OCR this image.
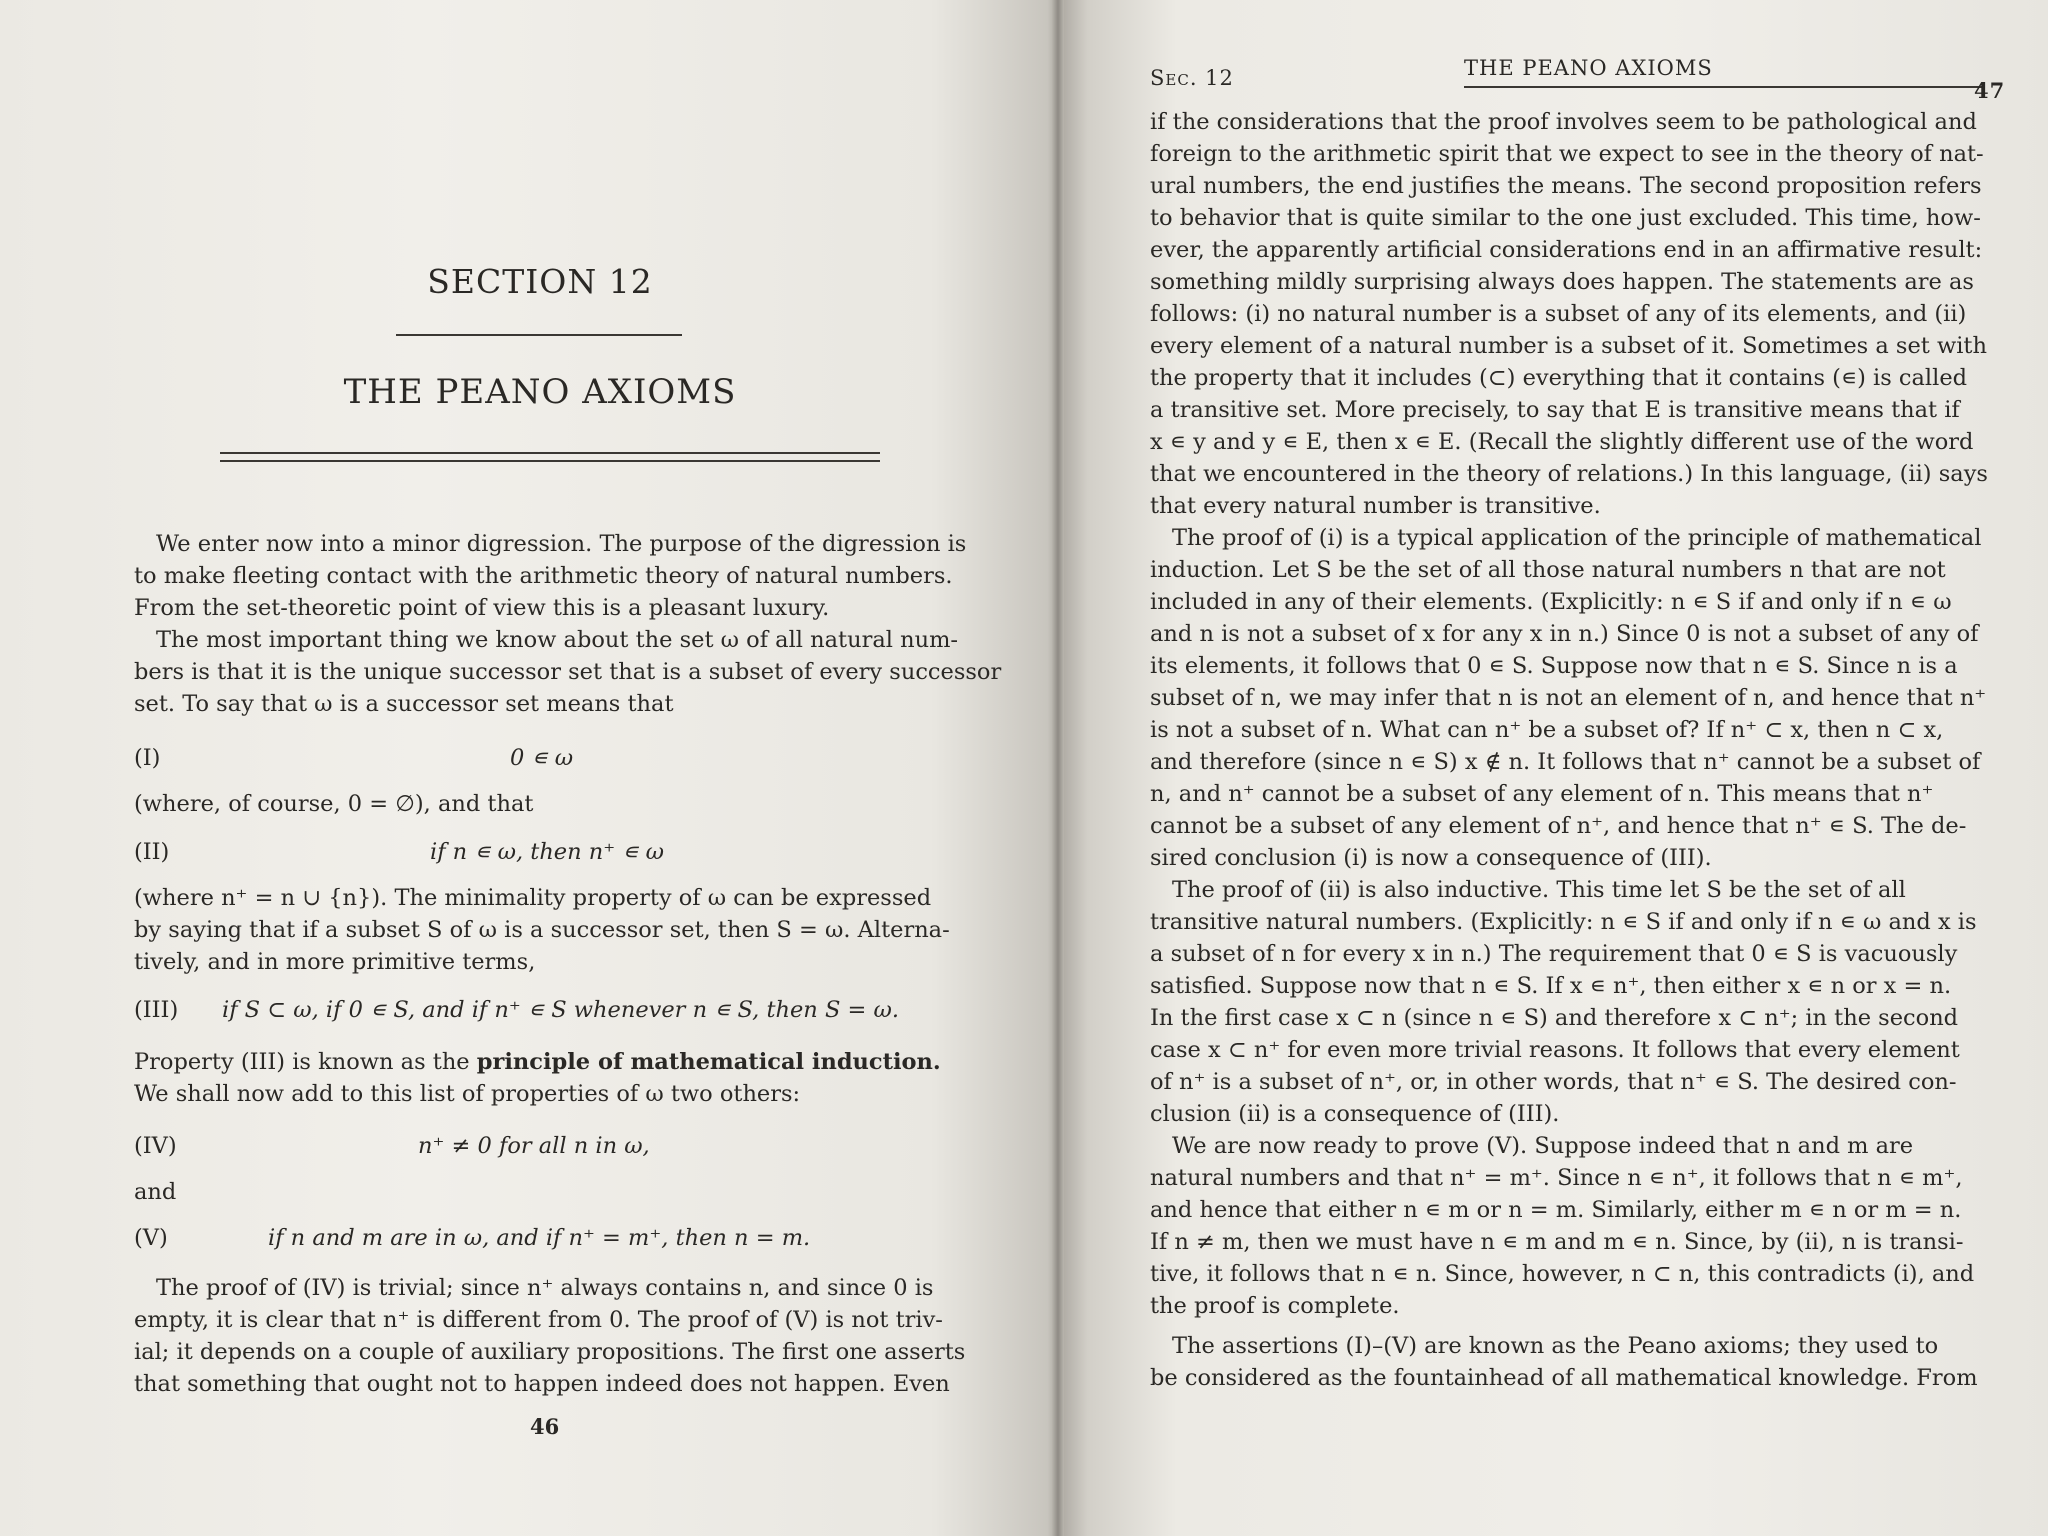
SECTION 12
THE PEANO AXIOMS
We enter now into a minor digression. The purpose of the digression is
to make fleeting contact with the arithmetic theory of natural numbers.
From the set-theoretic point of view this is a pleasant luxury.
The most important thing we know about the set ω of all natural num-
bers is that it is the unique successor set that is a subset of every successor
set. To say that ω is a successor set means that
(I)	0 ∊ ω
(where, of course, 0 = ∅), and that
(II)	if n ∊ ω, then n⁺ ∊ ω
(where n⁺ = n ∪ {n}). The minimality property of ω can be expressed
by saying that if a subset S of ω is a successor set, then S = ω. Alterna-
tively, and in more primitive terms,
(III) if S ⊂ ω, if 0 ∊ S, and if n⁺ ∊ S whenever n ∊ S, then S = ω.
Property (III) is known as the principle of mathematical induction.
We shall now add to this list of properties of ω two others:
(IV)	n⁺ ≠ 0 for all n in ω,
and
(V)	if n and m are in ω, and if n⁺ = m⁺, then n = m.
The proof of (IV) is trivial; since n⁺ always contains n, and since 0 is
empty, it is clear that n⁺ is different from 0. The proof of (V) is not triv-
ial; it depends on a couple of auxiliary propositions. The first one asserts
that something that ought not to happen indeed does not happen. Even
46
Sec. 12	THE PEANO AXIOMS
47
if the considerations that the proof involves seem to be pathological and
foreign to the arithmetic spirit that we expect to see in the theory of nat-
ural numbers, the end justifies the means. The second proposition refers
to behavior that is quite similar to the one just excluded. This time, how-
ever, the apparently artificial considerations end in an affirmative result:
something mildly surprising always does happen. The statements are as
follows: (i) no natural number is a subset of any of its elements, and (ii)
every element of a natural number is a subset of it. Sometimes a set with
the property that it includes (⊂) everything that it contains (∊) is called
a transitive set. More precisely, to say that E is transitive means that if
x ∊ y and y ∊ E, then x ∊ E. (Recall the slightly different use of the word
that we encountered in the theory of relations.) In this language, (ii) says
that every natural number is transitive.
The proof of (i) is a typical application of the principle of mathematical
induction. Let S be the set of all those natural numbers n that are not
included in any of their elements. (Explicitly: n ∊ S if and only if n ∊ ω
and n is not a subset of x for any x in n.) Since 0 is not a subset of any of
its elements, it follows that 0 ∊ S. Suppose now that n ∊ S. Since n is a
subset of n, we may infer that n is not an element of n, and hence that n⁺
is not a subset of n. What can n⁺ be a subset of? If n⁺ ⊂ x, then n ⊂ x,
and therefore (since n ∊ S) x ∉ n. It follows that n⁺ cannot be a subset of
n, and n⁺ cannot be a subset of any element of n. This means that n⁺
cannot be a subset of any element of n⁺, and hence that n⁺ ∊ S. The de-
sired conclusion (i) is now a consequence of (III).
The proof of (ii) is also inductive. This time let S be the set of all
transitive natural numbers. (Explicitly: n ∊ S if and only if n ∊ ω and x is
a subset of n for every x in n.) The requirement that 0 ∊ S is vacuously
satisfied. Suppose now that n ∊ S. If x ∊ n⁺, then either x ∊ n or x = n.
In the first case x ⊂ n (since n ∊ S) and therefore x ⊂ n⁺; in the second
case x ⊂ n⁺ for even more trivial reasons. It follows that every element
of n⁺ is a subset of n⁺, or, in other words, that n⁺ ∊ S. The desired con-
clusion (ii) is a consequence of (III).
We are now ready to prove (V). Suppose indeed that n and m are
natural numbers and that n⁺ = m⁺. Since n ∊ n⁺, it follows that n ∊ m⁺,
and hence that either n ∊ m or n = m. Similarly, either m ∊ n or m = n.
If n ≠ m, then we must have n ∊ m and m ∊ n. Since, by (ii), n is transi-
tive, it follows that n ∊ n. Since, however, n ⊂ n, this contradicts (i), and
the proof is complete.
The assertions (I)–(V) are known as the Peano axioms; they used to
be considered as the fountainhead of all mathematical knowledge. From
